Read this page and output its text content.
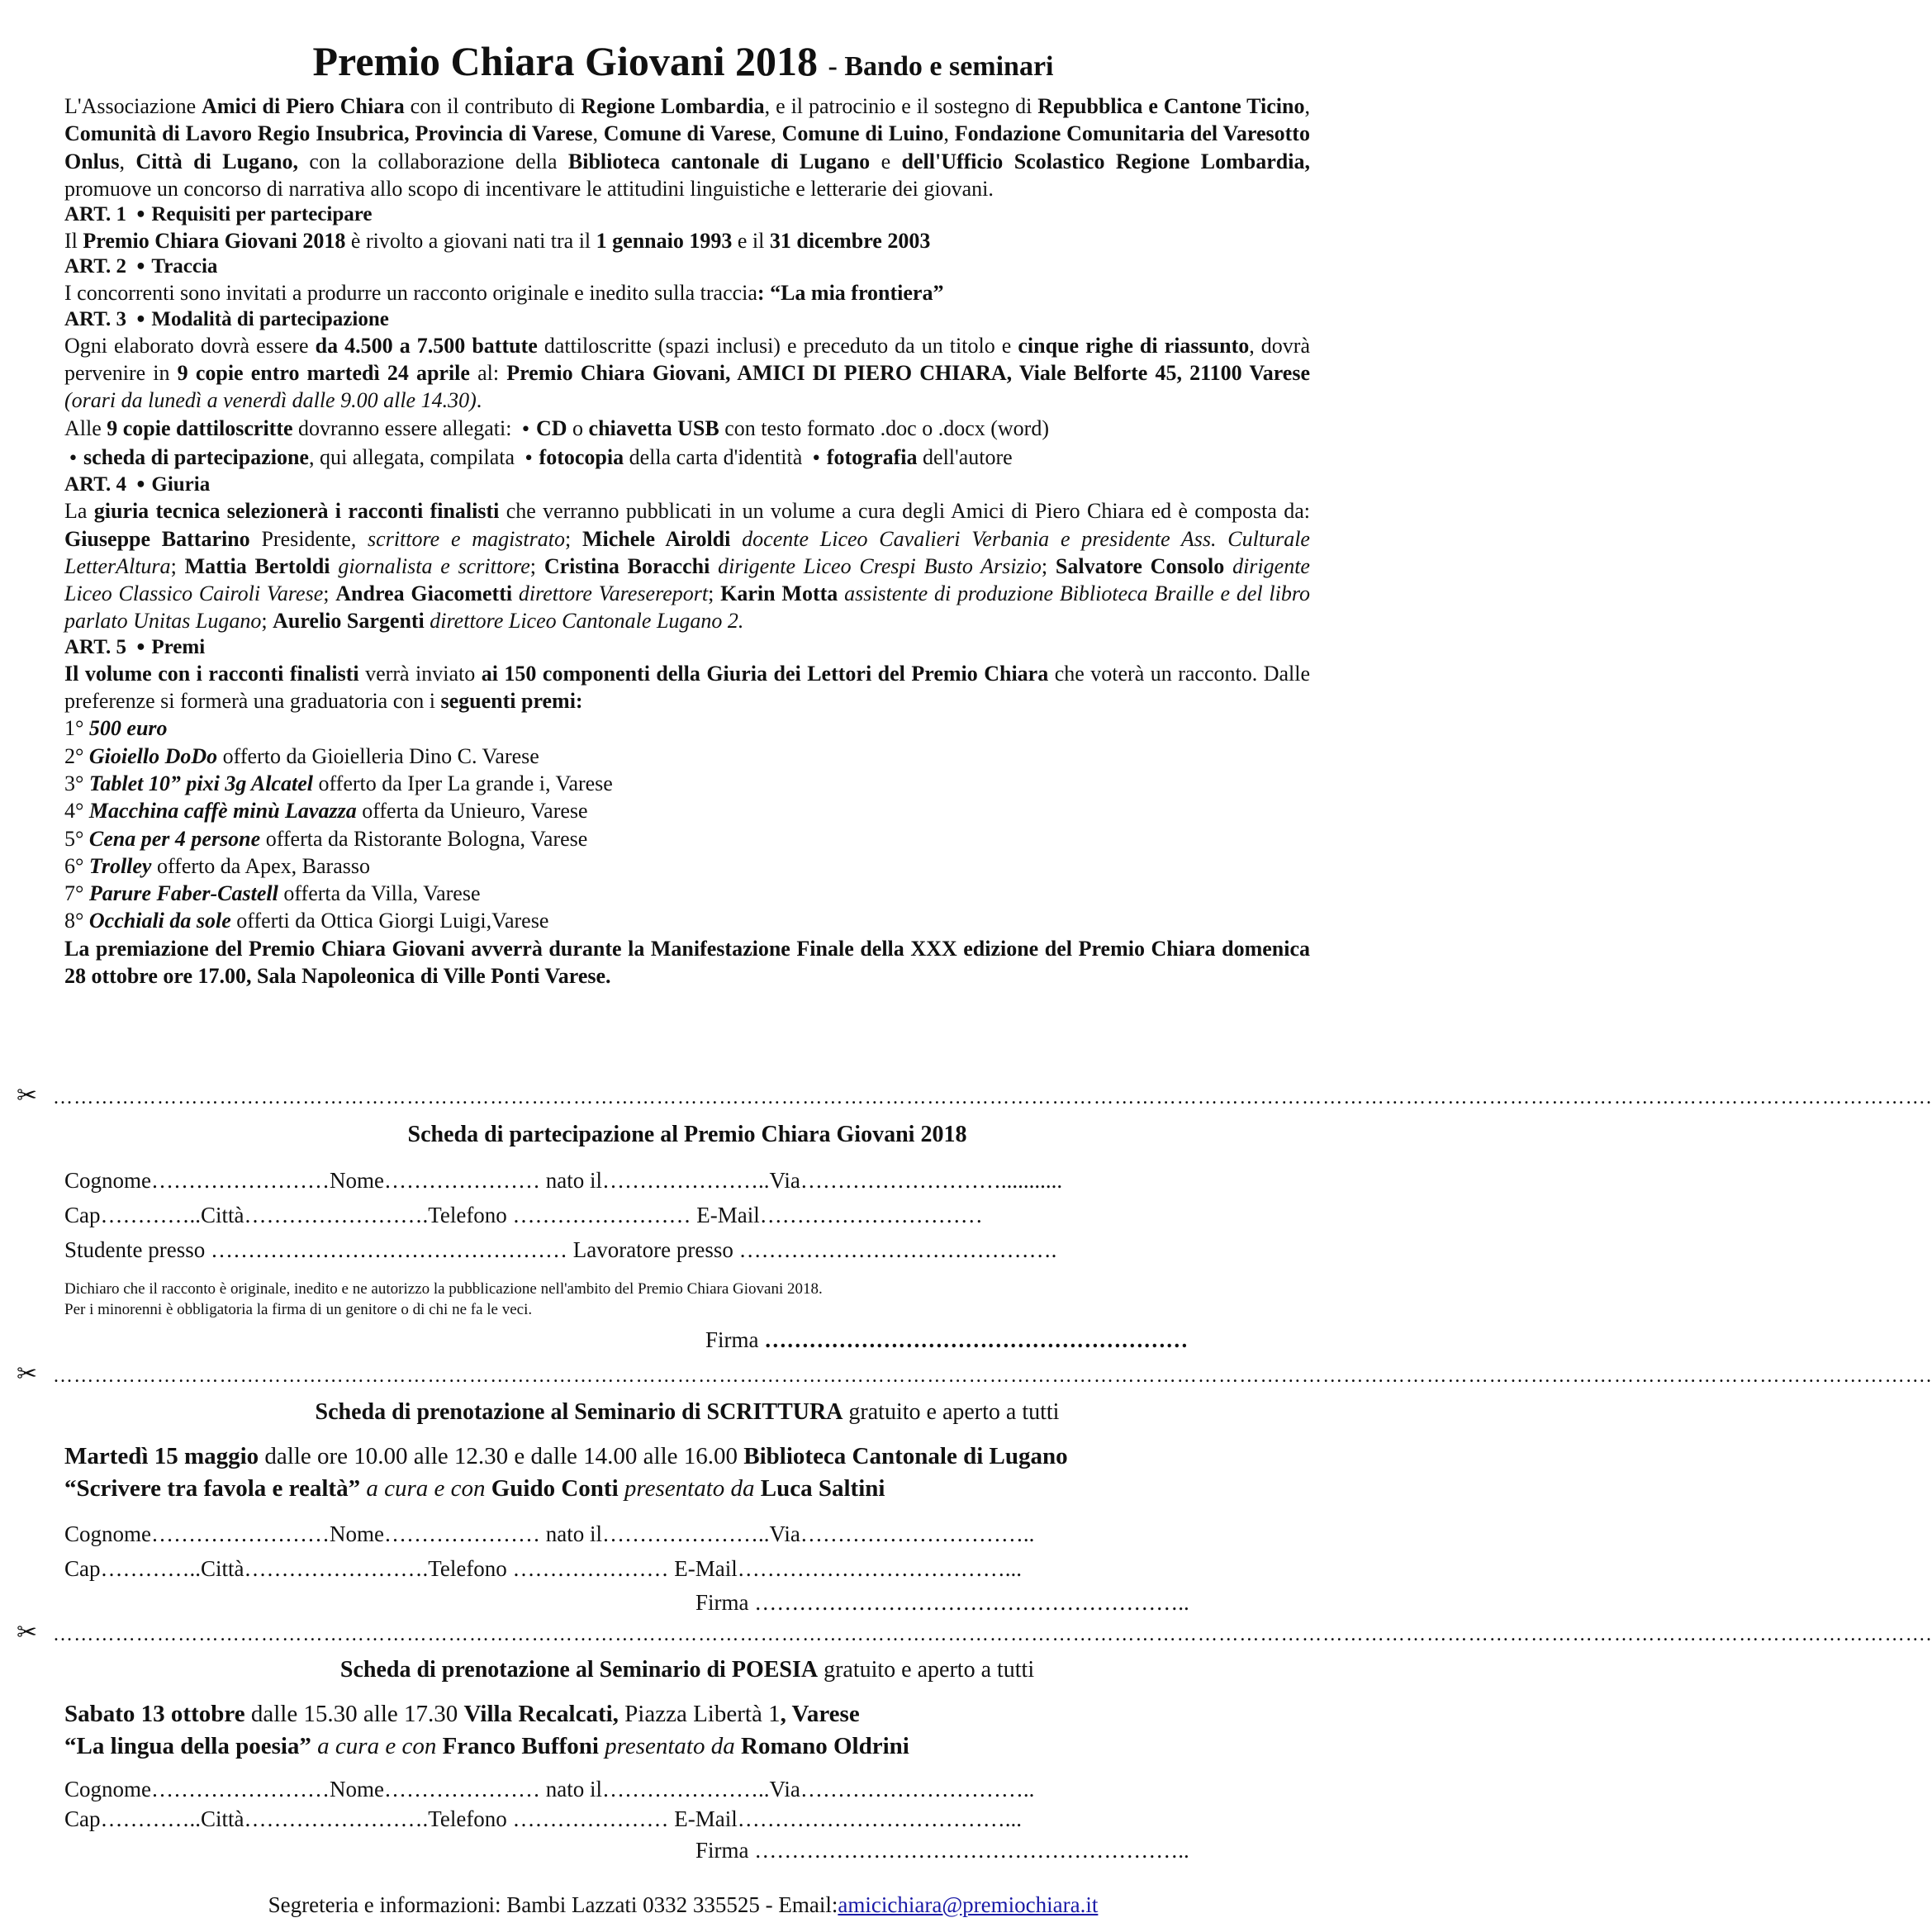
Premio Chiara Giovani 2018 - Bando e seminari

L'Associazione Amici di Piero Chiara con il contributo di Regione Lombardia, e il patrocinio e il sostegno di Repubblica e Cantone Ticino, Comunità di Lavoro Regio Insubrica, Provincia di Varese, Comune di Varese, Comune di Luino, Fondazione Comunitaria del Varesotto Onlus, Città di Lugano, con la collaborazione della Biblioteca cantonale di Lugano e dell'Ufficio Scolastico Regione Lombardia, promuove un concorso di narrativa allo scopo di incentivare le attitudini linguistiche e letterarie dei giovani.

ART. 1 • Requisiti per partecipare

Il Premio Chiara Giovani 2018 è rivolto a giovani nati tra il 1 gennaio 1993 e il 31 dicembre 2003

ART. 2 • Traccia

I concorrenti sono invitati a produrre un racconto originale e inedito sulla traccia: “La mia frontiera”

ART. 3 • Modalità di partecipazione

Ogni elaborato dovrà essere da 4.500 a 7.500 battute dattiloscritte (spazi inclusi) e preceduto da un titolo e cinque righe di riassunto, dovrà pervenire in 9 copie entro martedì 24 aprile al: Premio Chiara Giovani, AMICI DI PIERO CHIARA, Viale Belforte 45, 21100 Varese (orari da lunedì a venerdì dalle 9.00 alle 14.30).

Alle 9 copie dattiloscritte dovranno essere allegati: • CD o chiavetta USB con testo formato .doc o .docx (word)

• scheda di partecipazione, qui allegata, compilata • fotocopia della carta d'identità • fotografia dell'autore

ART. 4 • Giuria

La giuria tecnica selezionerà i racconti finalisti che verranno pubblicati in un volume a cura degli Amici di Piero Chiara ed è composta da: Giuseppe Battarino Presidente, scrittore e magistrato; Michele Airoldi docente Liceo Cavalieri Verbania e presidente Ass. Culturale LetterAltura; Mattia Bertoldi giornalista e scrittore; Cristina Boracchi dirigente Liceo Crespi Busto Arsizio; Salvatore Consolo dirigente Liceo Classico Cairoli Varese; Andrea Giacometti direttore Varesereport; Karin Motta assistente di produzione Biblioteca Braille e del libro parlato Unitas Lugano; Aurelio Sargenti direttore Liceo Cantonale Lugano 2.

ART. 5 • Premi

Il volume con i racconti finalisti verrà inviato ai 150 componenti della Giuria dei Lettori del Premio Chiara che voterà un racconto. Dalle preferenze si formerà una graduatoria con i seguenti premi:

1° 500 euro

2° Gioiello DoDo offerto da Gioielleria Dino C. Varese

3° Tablet 10” pixi 3g Alcatel offerto da Iper La grande i, Varese

4° Macchina caffè minù Lavazza offerta da Unieuro, Varese

5° Cena per 4 persone offerta da Ristorante Bologna, Varese

6° Trolley offerto da Apex, Barasso

7° Parure Faber-Castell offerta da Villa, Varese

8° Occhiali da sole offerti da Ottica Giorgi Luigi,Varese

La premiazione del Premio Chiara Giovani avverrà durante la Manifestazione Finale della XXX edizione del Premio Chiara domenica 28 ottobre ore 17.00, Sala Napoleonica di Ville Ponti Varese.

✂ ……………………………………………………………………………………………………………………………………………………………………………………………………………………………………………….
Scheda di partecipazione al Premio Chiara Giovani 2018
Cognome……………………Nome………………… nato il…………………..Via………………………...........
Cap…………..Città…………………….Telefono …………………… E-Mail…………………………
Studente presso ………………………………………… Lavoratore presso …………………………………….
Dichiaro che il racconto è originale, inedito e ne autorizzo la pubblicazione nell'ambito del Premio Chiara Giovani 2018.
Per i minorenni è obbligatoria la firma di un genitore o di chi ne fa le veci.
Firma …………………………………………………
✂ ……………………………………………………………………………………………………………………………………………………………………………………………………………………………………………….
Scheda di prenotazione al Seminario di SCRITTURA gratuito e aperto a tutti
Martedì 15 maggio dalle ore 10.00 alle 12.30 e dalle 14.00 alle 16.00 Biblioteca Cantonale di Lugano
“Scrivere tra favola e realtà” a cura e con Guido Conti presentato da Luca Saltini
Cognome……………………Nome………………… nato il…………………..Via…………………………..
Cap…………..Città…………………….Telefono ………………… E-Mail………………………………...
Firma …………………………………………………..
✂ ……………………………………………………………………………………………………………………………………………………………………………………………………………………………………………….
Scheda di prenotazione al Seminario di POESIA gratuito e aperto a tutti
Sabato 13 ottobre dalle 15.30 alle 17.30 Villa Recalcati, Piazza Libertà 1, Varese
“La lingua della poesia” a cura e con Franco Buffoni presentato da Romano Oldrini
Cognome……………………Nome………………… nato il…………………..Via…………………………..
Cap…………..Città…………………….Telefono ………………… E-Mail………………………………...
Firma …………………………………………………..
Segreteria e informazioni: Bambi Lazzati 0332 335525 - Email:amicichiara@premiochiara.it
